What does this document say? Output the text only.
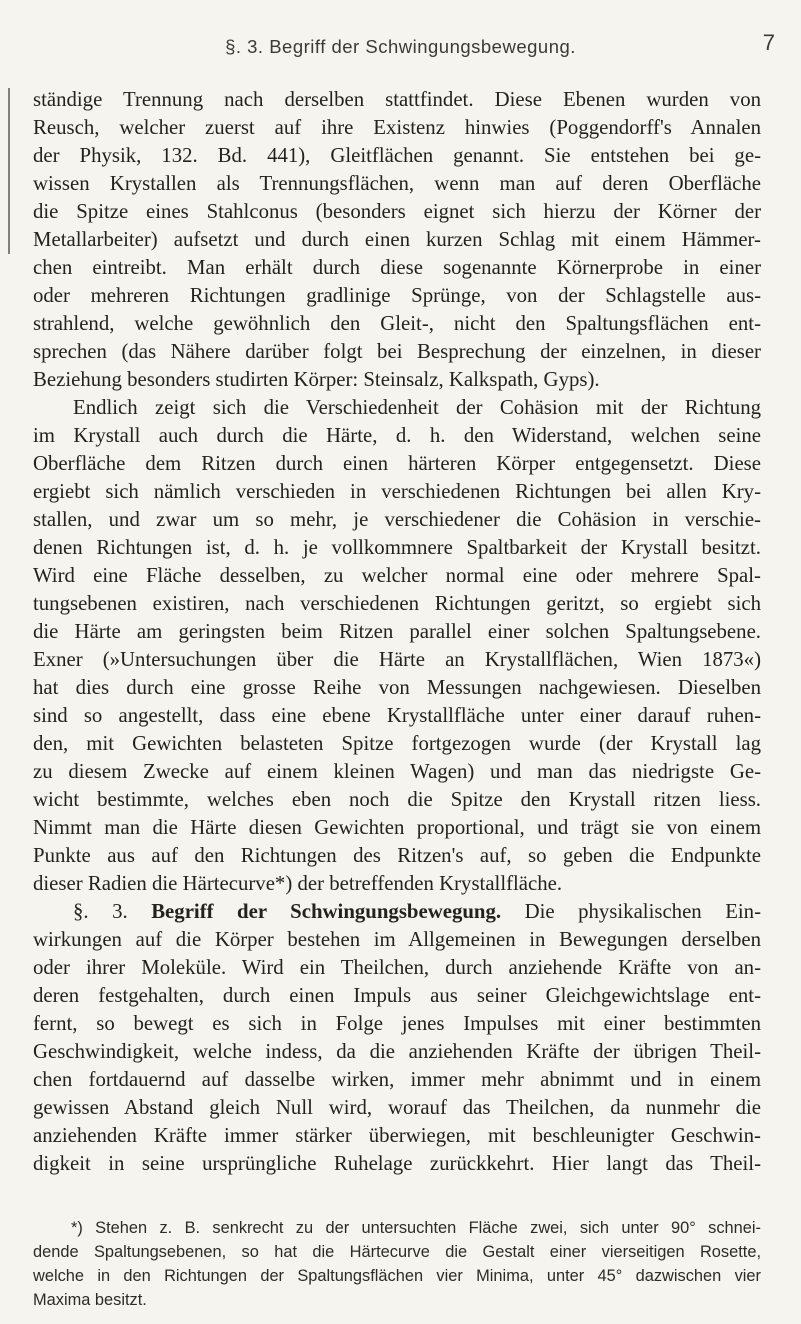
§. 3. Begriff der Schwingungsbewegung.	7
ständige Trennung nach derselben stattfindet. Diese Ebenen wurden von
Reusch, welcher zuerst auf ihre Existenz hinwies (Poggendorff's Annalen
der Physik, 132. Bd. 441), Gleitflächen genannt. Sie entstehen bei ge-
wissen Krystallen als Trennungsflächen, wenn man auf deren Oberfläche
die Spitze eines Stahlconus (besonders eignet sich hierzu der Körner der
Metallarbeiter) aufsetzt und durch einen kurzen Schlag mit einem Hämmer-
chen eintreibt. Man erhält durch diese sogenannte Körnerprobe in einer
oder mehreren Richtungen gradlinige Sprünge, von der Schlagstelle aus-
strahlend, welche gewöhnlich den Gleit-, nicht den Spaltungsflächen ent-
sprechen (das Nähere darüber folgt bei Besprechung der einzelnen, in dieser
Beziehung besonders studirten Körper: Steinsalz, Kalkspath, Gyps).
Endlich zeigt sich die Verschiedenheit der Cohäsion mit der Richtung
im Krystall auch durch die Härte, d. h. den Widerstand, welchen seine
Oberfläche dem Ritzen durch einen härteren Körper entgegensetzt. Diese
ergiebt sich nämlich verschieden in verschiedenen Richtungen bei allen Kry-
stallen, und zwar um so mehr, je verschiedener die Cohäsion in verschie-
denen Richtungen ist, d. h. je vollkommnere Spaltbarkeit der Krystall besitzt.
Wird eine Fläche desselben, zu welcher normal eine oder mehrere Spal-
tungsebenen existiren, nach verschiedenen Richtungen geritzt, so ergiebt sich
die Härte am geringsten beim Ritzen parallel einer solchen Spaltungsebene.
Exner (»Untersuchungen über die Härte an Krystallflächen, Wien 1873«)
hat dies durch eine grosse Reihe von Messungen nachgewiesen. Dieselben
sind so angestellt, dass eine ebene Krystallfläche unter einer darauf ruhen-
den, mit Gewichten belasteten Spitze fortgezogen wurde (der Krystall lag
zu diesem Zwecke auf einem kleinen Wagen) und man das niedrigste Ge-
wicht bestimmte, welches eben noch die Spitze den Krystall ritzen liess.
Nimmt man die Härte diesen Gewichten proportional, und trägt sie von einem
Punkte aus auf den Richtungen des Ritzen's auf, so geben die Endpunkte
dieser Radien die Härtecurve*) der betreffenden Krystallfläche.
§. 3. Begriff der Schwingungsbewegung. Die physikalischen Ein-
wirkungen auf die Körper bestehen im Allgemeinen in Bewegungen derselben
oder ihrer Moleküle. Wird ein Theilchen, durch anziehende Kräfte von an-
deren festgehalten, durch einen Impuls aus seiner Gleichgewichtslage ent-
fernt, so bewegt es sich in Folge jenes Impulses mit einer bestimmten
Geschwindigkeit, welche indess, da die anziehenden Kräfte der übrigen Theil-
chen fortdauernd auf dasselbe wirken, immer mehr abnimmt und in einem
gewissen Abstand gleich Null wird, worauf das Theilchen, da nunmehr die
anziehenden Kräfte immer stärker überwiegen, mit beschleunigter Geschwin-
digkeit in seine ursprüngliche Ruhelage zurückkehrt. Hier langt das Theil-
*) Stehen z. B. senkrecht zu der untersuchten Fläche zwei, sich unter 90° schnei-
dende Spaltungsebenen, so hat die Härtecurve die Gestalt einer vierseitigen Rosette,
welche in den Richtungen der Spaltungsflächen vier Minima, unter 45° dazwischen vier
Maxima besitzt.
